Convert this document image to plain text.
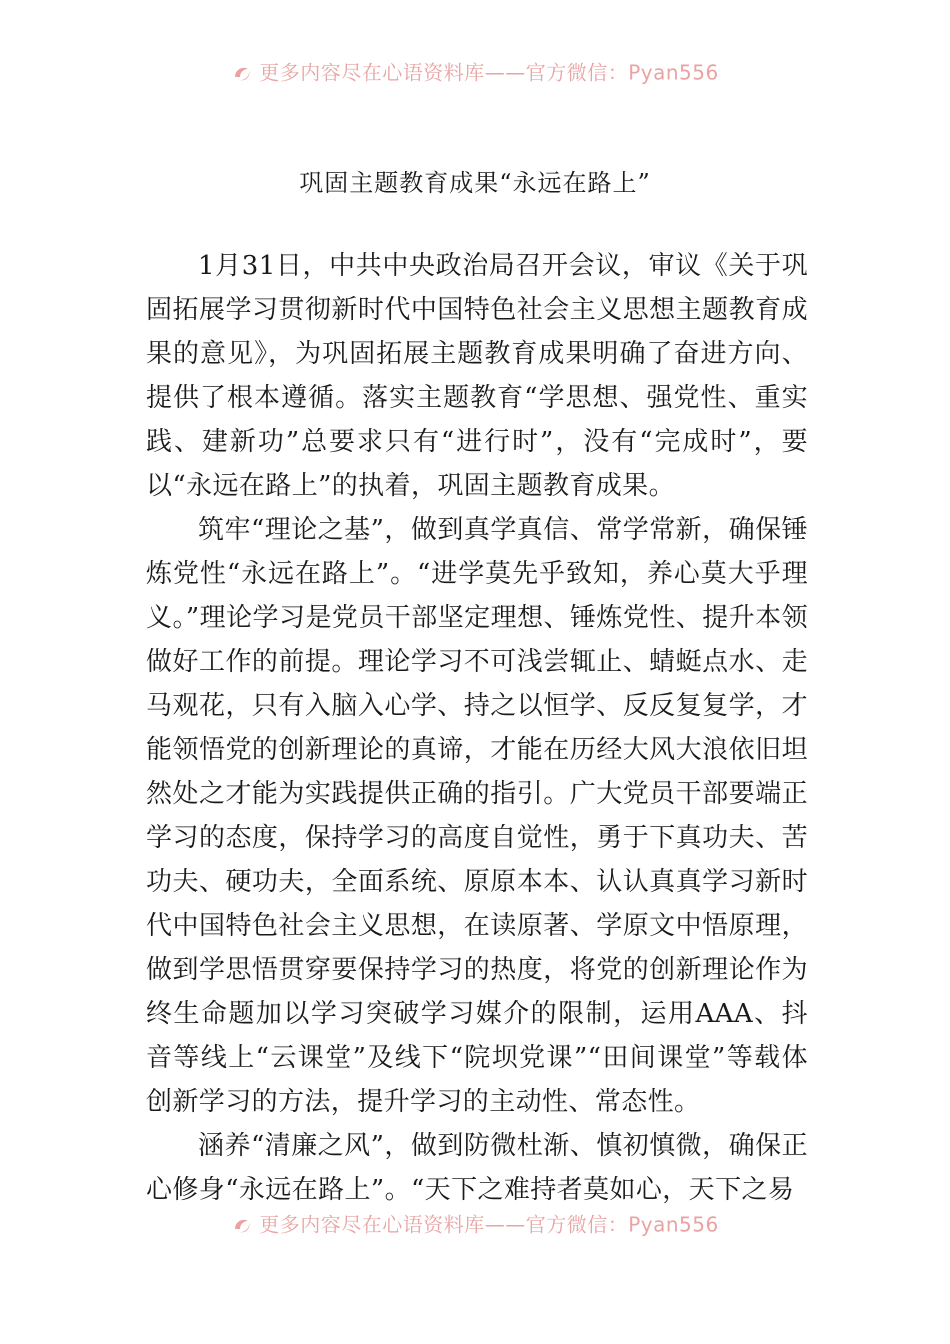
更多内容尽在心语资料库——官方微信：Pyan556
巩固主题教育成果“永远在路上”

1月31日，中共中央政治局召开会议，审议《关于巩固拓展学习贯彻新时代中国特色社会主义思想主题教育成果的意见》，为巩固拓展主题教育成果明确了奋进方向、提供了根本遵循。落实主题教育“学思想、强党性、重实践、建新功”总要求只有“进行时”，没有“完成时”，要以“永远在路上”的执着，巩固主题教育成果。

筑牢“理论之基”，做到真学真信、常学常新，确保锤炼党性“永远在路上”。“进学莫先乎致知，养心莫大乎理义。”理论学习是党员干部坚定理想、锤炼党性、提升本领做好工作的前提。理论学习不可浅尝辄止、蜻蜓点水、走马观花，只有入脑入心学、持之以恒学、反反复复学，才能领悟党的创新理论的真谛，才能在历经大风大浪依旧坦然处之才能为实践提供正确的指引。广大党员干部要端正学习的态度，保持学习的高度自觉性，勇于下真功夫、苦功夫、硬功夫，全面系统、原原本本、认认真真学习新时代中国特色社会主义思想，在读原著、学原文中悟原理，做到学思悟贯穿要保持学习的热度，将党的创新理论作为终生命题加以学习突破学习媒介的限制，运用AAA、抖音等线上“云课堂”及线下“院坝党课”“田间课堂”等载体创新学习的方法，提升学习的主动性、常态性。

涵养“清廉之风”，做到防微杜渐、慎初慎微，确保正心修身“永远在路上”。“天下之难持者莫如心，天下之易

更多内容尽在心语资料库——官方微信：Pyan556
